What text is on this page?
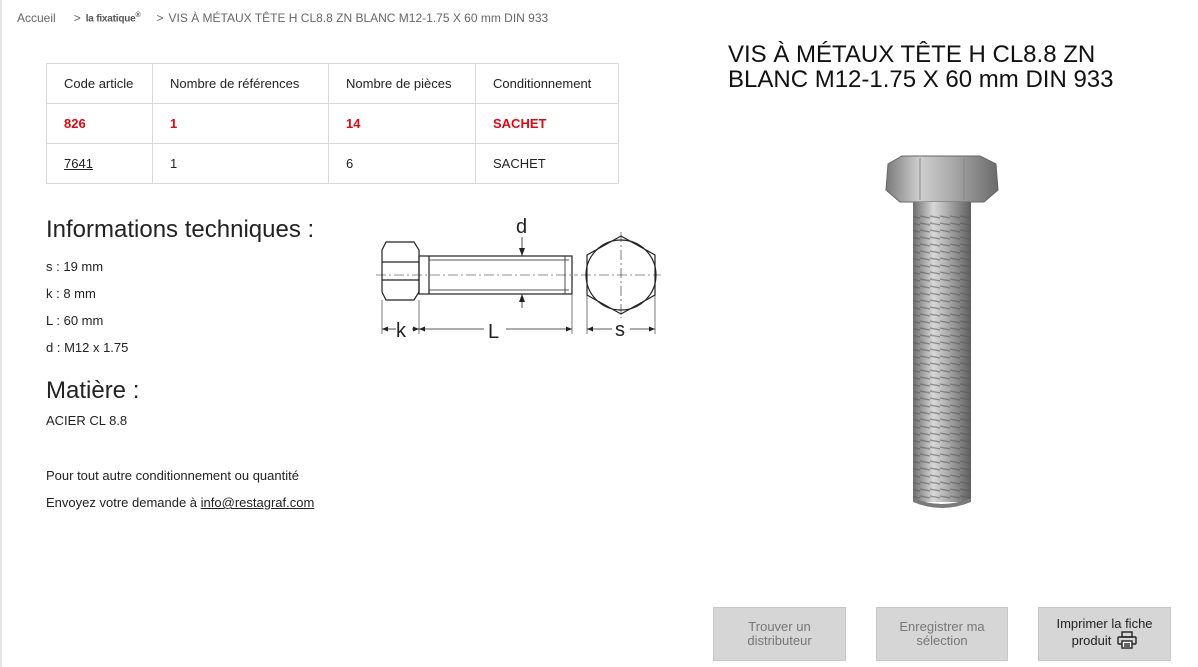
Accueil > la fixatique® > VIS À MÉTAUX TÊTE H CL8.8 ZN BLANC M12-1.75 X 60 mm DIN 933
Code article	Nombre de références	Nombre de pièces	Conditionnement
826	1	14	SACHET
7641	1	6	SACHET
Informations techniques :
s : 19 mm
k : 8 mm
L : 60 mm
d : M12 x 1.75
d
k	L	s
Matière :
ACIER CL 8.8
Pour tout autre conditionnement ou quantité
Envoyez votre demande à info@restagraf.com
VIS À MÉTAUX TÊTE H CL8.8 ZN BLANC M12-1.75 X 60 mm DIN 933
Trouver un
distributeur
Enregistrer ma
sélection
Imprimer la fiche
produit
